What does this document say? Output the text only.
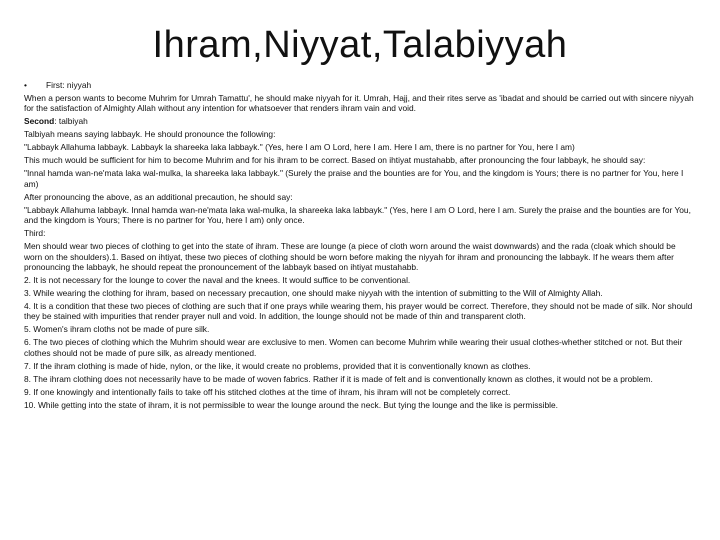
Ihram,Niyyat,Talabiyyah

• First: niyyah

When a person wants to become Muhrim for Umrah Tamattu', he should make niyyah for it. Umrah, Hajj, and their rites serve as 'ibadat and should be carried out with sincere niyyah for the satisfaction of Almighty Allah without any intention for whatsoever that renders ihram vain and void.

Second: talbiyah

Talbiyah means saying labbayk. He should pronounce the following:

"Labbayk Allahuma labbayk. Labbayk la shareeka laka labbayk." (Yes, here I am O Lord, here I am. Here I am, there is no partner for You, here I am)

This much would be sufficient for him to become Muhrim and for his ihram to be correct. Based on ihtiyat mustahabb, after pronouncing the four labbayk, he should say:

"Innal hamda wan-ne'mata laka wal-mulka, la shareeka laka labbayk." (Surely the praise and the bounties are for You, and the kingdom is Yours; there is no partner for You, here I am)

After pronouncing the above, as an additional precaution, he should say:

"Labbayk Allahuma labbayk. Innal hamda wan-ne'mata laka wal-mulka, la shareeka laka labbayk." (Yes, here I am O Lord, here I am. Surely the praise and the bounties are for You, and the kingdom is Yours; There is no partner for You, here I am) only once.

Third:

Men should wear two pieces of clothing to get into the state of ihram. These are lounge (a piece of cloth worn around the waist downwards) and the rada (cloak which should be worn on the shoulders).1. Based on ihtiyat, these two pieces of clothing should be worn before making the niyyah for ihram and pronouncing the labbayk. If he wears them after pronouncing the labbayk, he should repeat the pronouncement of the labbayk based on ihtiyat mustahabb.

2. It is not necessary for the lounge to cover the naval and the knees. It would suffice to be conventional.

3. While wearing the clothing for ihram, based on necessary precaution, one should make niyyah with the intention of submitting to the Will of Almighty Allah.

4. It is a condition that these two pieces of clothing are such that if one prays while wearing them, his prayer would be correct. Therefore, they should not be made of silk. Nor should they be stained with impurities that render prayer null and void. In addition, the lounge should not be made of thin and transparent cloth.

5. Women's ihram cloths not be made of pure silk.

6. The two pieces of clothing which the Muhrim should wear are exclusive to men. Women can become Muhrim while wearing their usual clothes-whether stitched or not. But their clothes should not be made of pure silk, as already mentioned.

7. If the ihram clothing is made of hide, nylon, or the like, it would create no problems, provided that it is conventionally known as clothes.

8. The ihram clothing does not necessarily have to be made of woven fabrics. Rather if it is made of felt and is conventionally known as clothes, it would not be a problem.

9. If one knowingly and intentionally fails to take off his stitched clothes at the time of ihram, his ihram will not be completely correct.

10. While getting into the state of ihram, it is not permissible to wear the lounge around the neck. But tying the lounge and the like is permissible.
